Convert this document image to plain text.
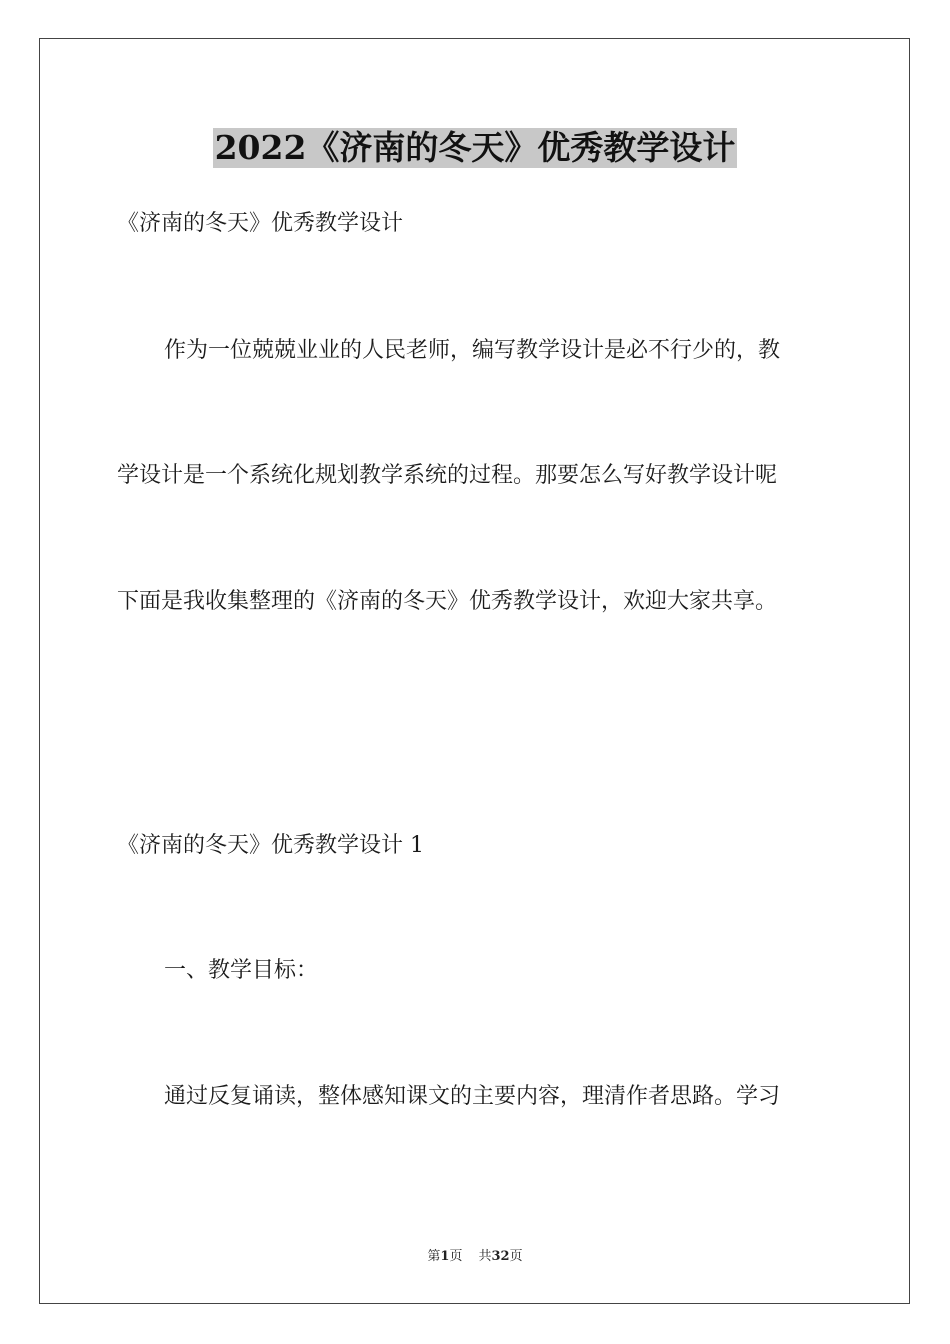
2022《济南的冬天》优秀教学设计
《济南的冬天》优秀教学设计
作为一位兢兢业业的人民老师，编写教学设计是必不行少的，教
学设计是一个系统化规划教学系统的过程。那要怎么写好教学设计呢
下面是我收集整理的《济南的冬天》优秀教学设计，欢迎大家共享。
《济南的冬天》优秀教学设计 1
一、教学目标：
通过反复诵读，整体感知课文的主要内容，理清作者思路。学习
第1页 共32页
